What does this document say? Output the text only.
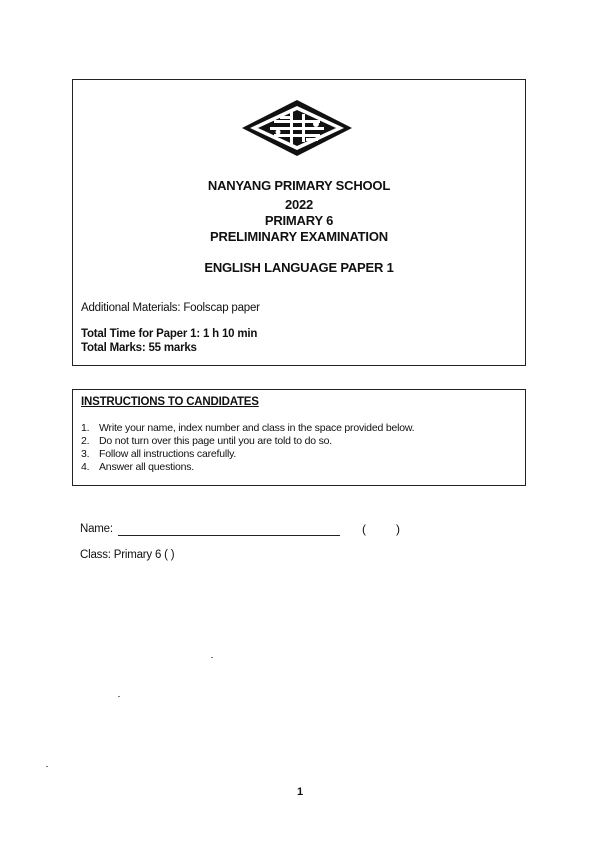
NANYANG PRIMARY SCHOOL
2022
PRIMARY 6
PRELIMINARY EXAMINATION
ENGLISH LANGUAGE PAPER 1
Additional Materials: Foolscap paper
Total Time for Paper 1: 1 h 10 min
Total Marks: 55 marks
INSTRUCTIONS TO CANDIDATES
1. Write your name, index number and class in the space provided below.
2. Do not turn over this page until you are told to do so.
3. Follow all instructions carefully.
4. Answer all questions.
Name:	(	)
Class: Primary 6 ( )
1
